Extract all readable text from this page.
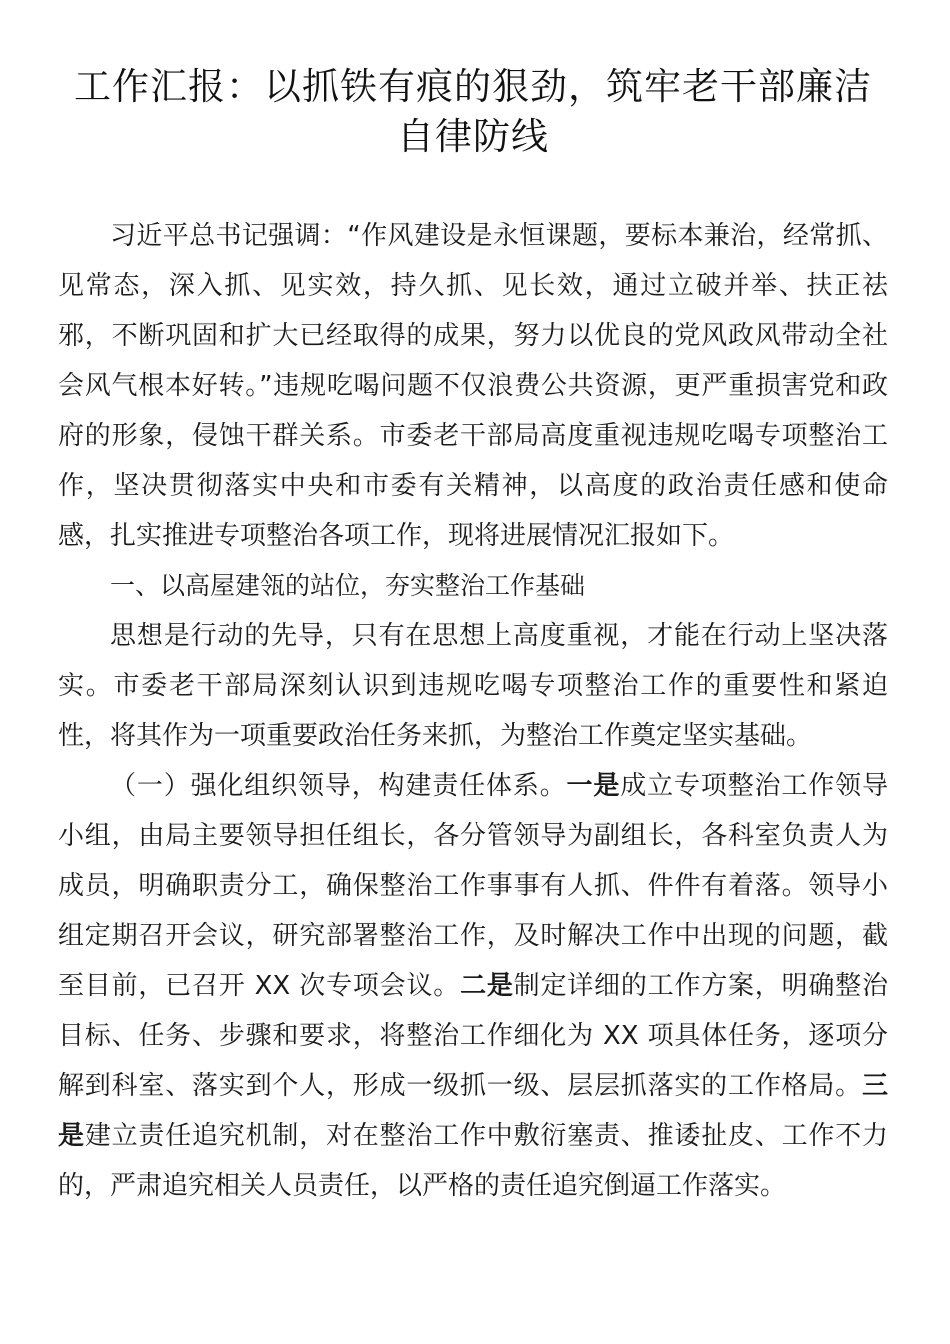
工作汇报：以抓铁有痕的狠劲，筑牢老干部廉洁自律防线

习近平总书记强调：“作风建设是永恒课题，要标本兼治，经常抓、见常态，深入抓、见实效，持久抓、见长效，通过立破并举、扶正祛邪，不断巩固和扩大已经取得的成果，努力以优良的党风政风带动全社会风气根本好转。”违规吃喝问题不仅浪费公共资源，更严重损害党和政府的形象，侵蚀干群关系。市委老干部局高度重视违规吃喝专项整治工作，坚决贯彻落实中央和市委有关精神，以高度的政治责任感和使命感，扎实推进专项整治各项工作，现将进展情况汇报如下。

一、以高屋建瓴的站位，夯实整治工作基础

思想是行动的先导，只有在思想上高度重视，才能在行动上坚决落实。市委老干部局深刻认识到违规吃喝专项整治工作的重要性和紧迫性，将其作为一项重要政治任务来抓，为整治工作奠定坚实基础。

（一）强化组织领导，构建责任体系。一是成立专项整治工作领导小组，由局主要领导担任组长，各分管领导为副组长，各科室负责人为成员，明确职责分工，确保整治工作事事有人抓、件件有着落。领导小组定期召开会议，研究部署整治工作，及时解决工作中出现的问题，截至目前，已召开 XX 次专项会议。二是制定详细的工作方案，明确整治目标、任务、步骤和要求，将整治工作细化为 XX 项具体任务，逐项分解到科室、落实到个人，形成一级抓一级、层层抓落实的工作格局。三是建立责任追究机制，对在整治工作中敷衍塞责、推诿扯皮、工作不力的，严肃追究相关人员责任，以严格的责任追究倒逼工作落实。
